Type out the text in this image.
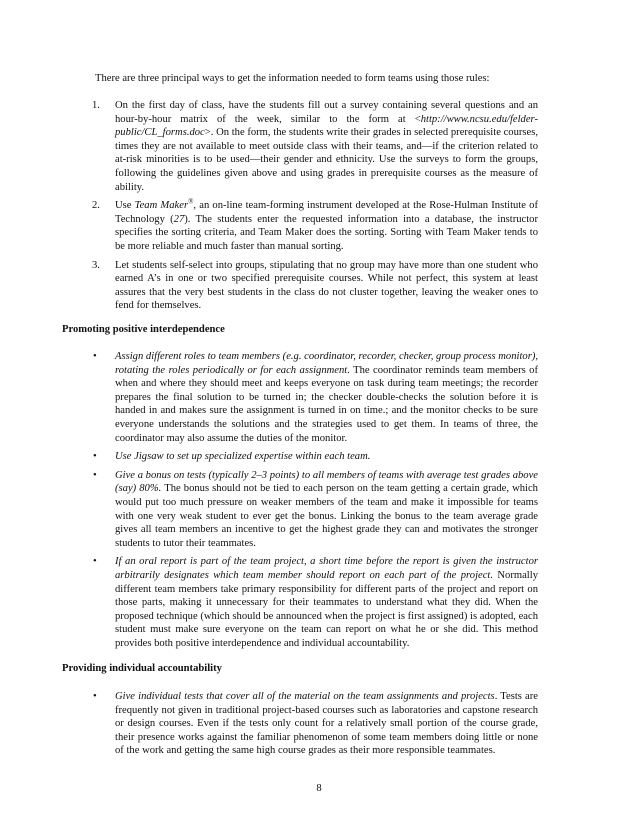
There are three principal ways to get the information needed to form teams using those rules:
1. On the first day of class, have the students fill out a survey containing several questions and an hour-by-hour matrix of the week, similar to the form at <http://www.ncsu.edu/felder-public/CL_forms.doc>. On the form, the students write their grades in selected prerequisite courses, times they are not available to meet outside class with their teams, and—if the criterion related to at-risk minorities is to be used—their gender and ethnicity. Use the surveys to form the groups, following the guidelines given above and using grades in prerequisite courses as the measure of ability.
2. Use Team Maker®, an on-line team-forming instrument developed at the Rose-Hulman Institute of Technology (27). The students enter the requested information into a database, the instructor specifies the sorting criteria, and Team Maker does the sorting. Sorting with Team Maker tends to be more reliable and much faster than manual sorting.
3. Let students self-select into groups, stipulating that no group may have more than one student who earned A’s in one or two specified prerequisite courses. While not perfect, this system at least assures that the very best students in the class do not cluster together, leaving the weaker ones to fend for themselves.
Promoting positive interdependence
• Assign different roles to team members (e.g. coordinator, recorder, checker, group process monitor), rotating the roles periodically or for each assignment. The coordinator reminds team members of when and where they should meet and keeps everyone on task during team meetings; the recorder prepares the final solution to be turned in; the checker double-checks the solution before it is handed in and makes sure the assignment is turned in on time.; and the monitor checks to be sure everyone understands the solutions and the strategies used to get them. In teams of three, the coordinator may also assume the duties of the monitor.
• Use Jigsaw to set up specialized expertise within each team.
• Give a bonus on tests (typically 2–3 points) to all members of teams with average test grades above (say) 80%. The bonus should not be tied to each person on the team getting a certain grade, which would put too much pressure on weaker members of the team and make it impossible for teams with one very weak student to ever get the bonus. Linking the bonus to the team average grade gives all team members an incentive to get the highest grade they can and motivates the stronger students to tutor their teammates.
• If an oral report is part of the team project, a short time before the report is given the instructor arbitrarily designates which team member should report on each part of the project. Normally different team members take primary responsibility for different parts of the project and report on those parts, making it unnecessary for their teammates to understand what they did. When the proposed technique (which should be announced when the project is first assigned) is adopted, each student must make sure everyone on the team can report on what he or she did. This method provides both positive interdependence and individual accountability.
Providing individual accountability
• Give individual tests that cover all of the material on the team assignments and projects. Tests are frequently not given in traditional project-based courses such as laboratories and capstone research or design courses. Even if the tests only count for a relatively small portion of the course grade, their presence works against the familiar phenomenon of some team members doing little or none of the work and getting the same high course grades as their more responsible teammates.
8
